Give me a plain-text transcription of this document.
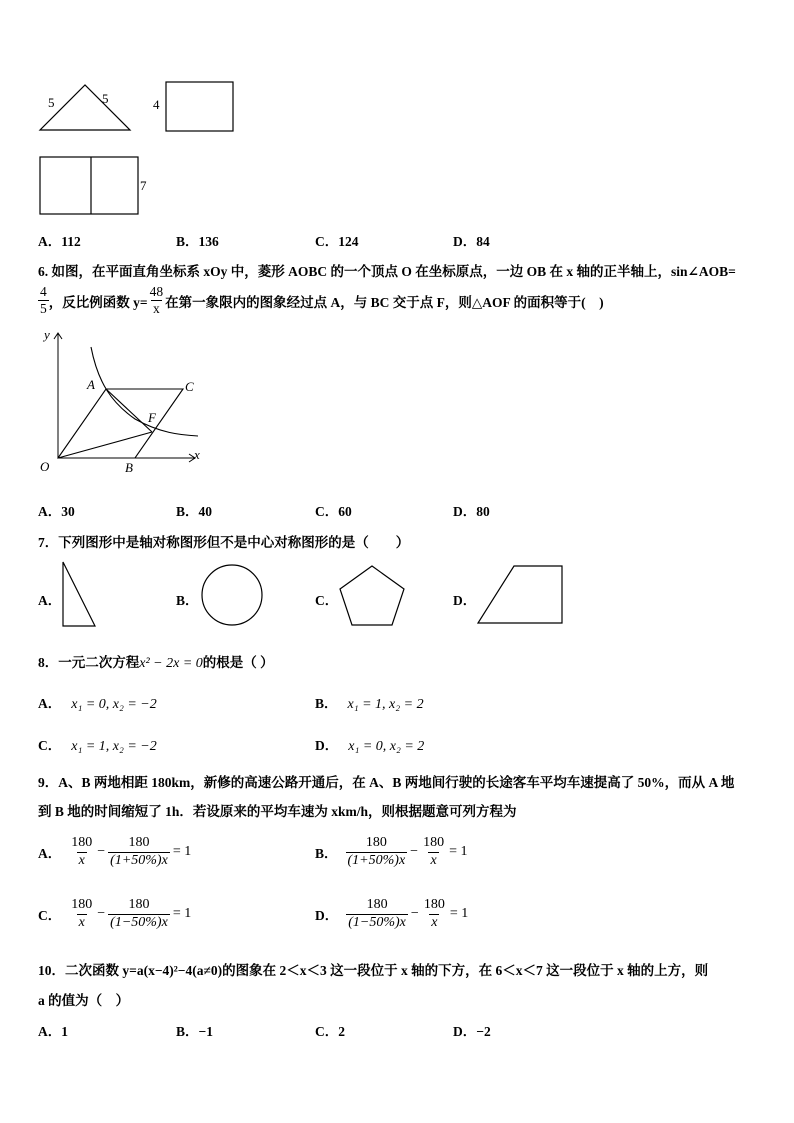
5	5	4
7
A．112	B．136	C．124	D．84
6. 如图，在平面直角坐标系 xOy 中，菱形 AOBC 的一个顶点 O 在坐标原点，一边 OB 在 x 轴的正半轴上，sin∠AOB=
$\frac{4}{5}$ ，反比例函数 $y= \frac{48}{x}$ 在第一象限内的图象经过点 A，与 BC 交于点 F，则△AOF 的面积等于(　)
y
x
O
A
B
C
F
A．30	B．40	C．60	D．80
7．下列图形中是轴对称图形但不是中心对称图形的是（　　）
A．	B．	C．	D．
8．一元二次方程x² − 2x = 0的根是（ ）
A． x₁ = 0, x₂ = −2	B． x₁ = 1, x₂ = 2
C． x₁ = 1, x₂ = −2	D． x₁ = 0, x₂ = 2
9．A、B 两地相距 180km，新修的高速公路开通后，在 A、B 两地间行驶的长途客车平均车速提高了 50%，而从 A 地
到 B 地的时间缩短了 1h．若设原来的平均车速为 xkm/h，则根据题意可列方程为
A． $\frac{180}{x} - \frac{180}{(1+50\%)x} = 1$	B． $\frac{180}{(1+50\%)x} - \frac{180}{x} = 1$
C． $\frac{180}{x} - \frac{180}{(1-50\%)x} = 1$	D． $\frac{180}{(1-50\%)x} - \frac{180}{x} = 1$
10．二次函数 y=a(x−4)²−4(a≠0)的图象在 2＜x＜3 这一段位于 x 轴的下方，在 6＜x＜7 这一段位于 x 轴的上方，则
a 的值为（　）
A．1	B．−1	C．2	D．−2
